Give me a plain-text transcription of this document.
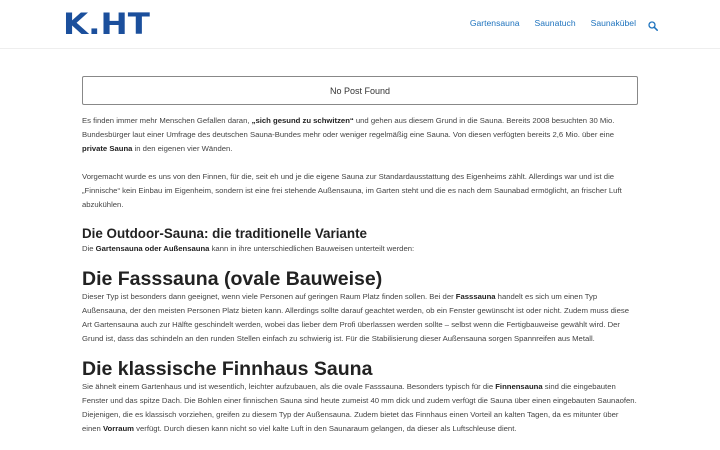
K.HT	Gartensauna Saunatuch Saunakübel
No Post Found

Es finden immer mehr Menschen Gefallen daran, „sich gesund zu schwitzen“ und gehen aus diesem Grund in die Sauna. Bereits 2008 besuchten 30 Mio. Bundesbürger laut einer Umfrage des deutschen Sauna-Bundes mehr oder weniger regelmäßig eine Sauna. Von diesen verfügten bereits 2,6 Mio. über eine private Sauna in den eigenen vier Wänden.

Vorgemacht wurde es uns von den Finnen, für die, seit eh und je die eigene Sauna zur Standardausstattung des Eigenheims zählt. Allerdings war und ist die „Finnische“ kein Einbau im Eigenheim, sondern ist eine frei stehende Außensauna, im Garten steht und die es nach dem Saunabad ermöglicht, an frischer Luft abzukühlen.

Die Outdoor-Sauna: die traditionelle Variante

Die Gartensauna oder Außensauna kann in ihre unterschiedlichen Bauweisen unterteilt werden:

Die Fasssauna (ovale Bauweise)

Dieser Typ ist besonders dann geeignet, wenn viele Personen auf geringen Raum Platz finden sollen. Bei der Fasssauna handelt es sich um einen Typ Außensauna, der den meisten Personen Platz bieten kann. Allerdings sollte darauf geachtet werden, ob ein Fenster gewünscht ist oder nicht. Zudem muss diese Art Gartensauna auch zur Hälfte geschindelt werden, wobei das lieber dem Profi überlassen werden sollte – selbst wenn die Fertigbauweise gewählt wird. Der Grund ist, dass das schindeln an den runden Stellen einfach zu schwierig ist. Für die Stabilisierung dieser Außensauna sorgen Spannreifen aus Metall.

Die klassische Finnhaus Sauna

Sie ähnelt einem Gartenhaus und ist wesentlich, leichter aufzubauen, als die ovale Fasssauna. Besonders typisch für die Finnensauna sind die eingebauten Fenster und das spitze Dach. Die Bohlen einer finnischen Sauna sind heute zumeist 40 mm dick und zudem verfügt die Sauna über einen eingebauten Saunaofen. Diejenigen, die es klassisch vorziehen, greifen zu diesem Typ der Außensauna. Zudem bietet das Finnhaus einen Vorteil an kalten Tagen, da es mitunter über einen Vorraum verfügt. Durch diesen kann nicht so viel kalte Luft in den Saunaraum gelangen, da dieser als Luftschleuse dient.
